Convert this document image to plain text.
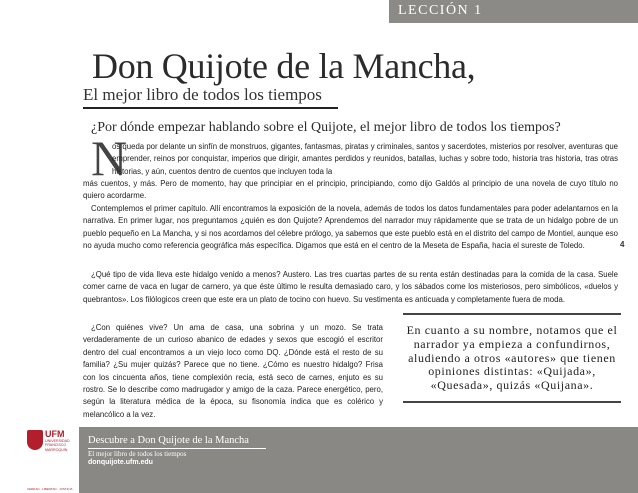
LECCIÓN 1
Don Quijote de la Mancha,
El mejor libro de todos los tiempos

¿Por dónde empezar hablando sobre el Quijote, el mejor libro de todos los tiempos?

N

os queda por delante un sinfín de monstruos, gigantes, fantasmas, piratas y criminales, santos y sacerdotes, misterios por resolver, aventuras que emprender, reinos por conquistar, imperios que dirigir, amantes perdidos y reunidos, batallas, luchas y sobre todo, historia tras historia, tras otras historias, y aún, cuentos dentro de cuentos que incluyen toda la

más cuentos, y más. Pero de momento, hay que principiar en el principio, principiando, como dijo Galdós al principio de una novela de cuyo título no quiero acordarme.

Contemplemos el primer capítulo. Allí encontramos la exposición de la novela, además de todos los datos fundamentales para poder adelantarnos en la narrativa. En primer lugar, nos preguntamos ¿quién es don Quijote? Aprendemos del narrador muy rápidamente que se trata de un hidalgo pobre de un pueblo pequeño en La Mancha, y si nos acordamos del célebre prólogo, ya sabemos que este pueblo está en el distrito del campo de Montiel, aunque eso no ayuda mucho como referencia geográfica más específica. Digamos que está en el centro de la Meseta de España, hacia el sureste de Toledo.

¿Qué tipo de vida lleva este hidalgo venido a menos? Austero. Las tres cuartas partes de su renta están destinadas para la comida de la casa. Suele comer carne de vaca en lugar de carnero, ya que éste último le resulta demasiado caro, y los sábados come los misteriosos, pero simbólicos, «duelos y quebrantos». Los filólogicos creen que este era un plato de tocino con huevo. Su vestimenta es anticuada y completamente fuera de moda.

¿Con quiénes vive? Un ama de casa, una sobrina y un mozo. Se trata verdaderamente de un curioso abanico de edades y sexos que escogió el escritor dentro del cual encontramos a un viejo loco como DQ. ¿Dónde está el resto de su familia? ¿Su mujer quizás? Parece que no tiene. ¿Cómo es nuestro hidalgo? Frisa con los cincuenta años, tiene complexión recia, está seco de carnes, enjuto es su rostro. Se lo describe como madrugador y amigo de la caza. Parece energético, pero, según la literatura médica de la época, su fisonomía indica que es colérico y melancólico a la vez.

4

En cuanto a su nombre, notamos que el narrador ya empieza a confundirnos, aludiendo a otros «autores» que tienen opiniones distintas: «Quijada», «Quesada», quizás «Quijana».

UFM
UNIVERSIDAD FRANCISCO MARROQUÍN
VERDAD · LIBERTAD · JUSTICIA
Descubre a Don Quijote de la Mancha
El mejor libro de todos los tiempos
donquijote.ufm.edu
